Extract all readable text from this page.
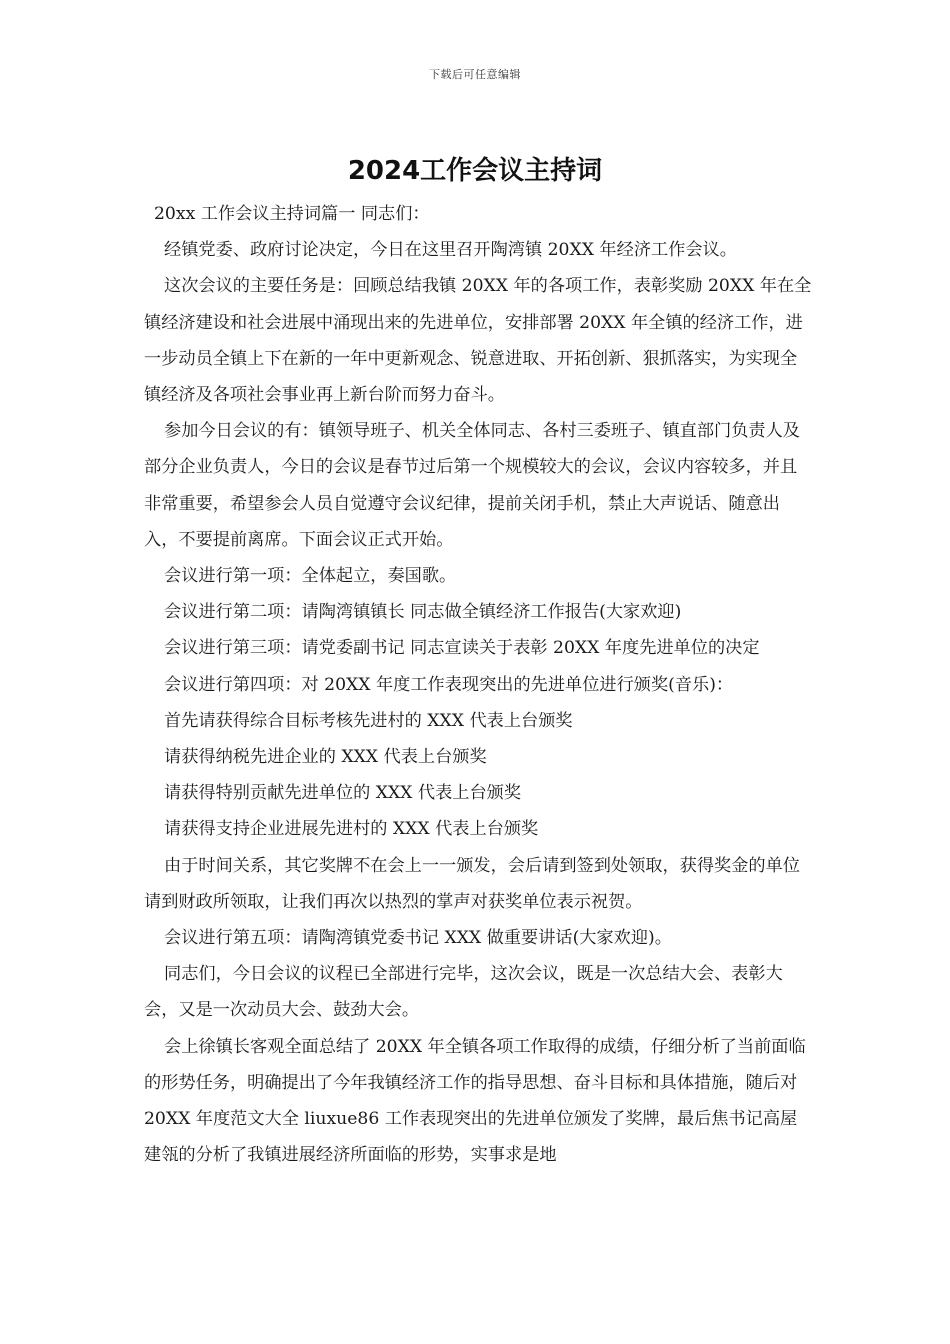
下载后可任意编辑
2024工作会议主持词

20xx 工作会议主持词篇一 同志们：

经镇党委、政府讨论决定，今日在这里召开陶湾镇 20XX 年经济工作会议。

这次会议的主要任务是：回顾总结我镇 20XX 年的各项工作，表彰奖励 20XX 年在全镇经济建设和社会进展中涌现出来的先进单位，安排部署 20XX 年全镇的经济工作，进一步动员全镇上下在新的一年中更新观念、锐意进取、开拓创新、狠抓落实，为实现全镇经济及各项社会事业再上新台阶而努力奋斗。

参加今日会议的有：镇领导班子、机关全体同志、各村三委班子、镇直部门负责人及部分企业负责人，今日的会议是春节过后第一个规模较大的会议，会议内容较多，并且非常重要，希望参会人员自觉遵守会议纪律，提前关闭手机，禁止大声说话、随意出入，不要提前离席。下面会议正式开始。

会议进行第一项：全体起立，奏国歌。

会议进行第二项：请陶湾镇镇长 同志做全镇经济工作报告(大家欢迎)

会议进行第三项：请党委副书记 同志宣读关于表彰 20XX 年度先进单位的决定

会议进行第四项：对 20XX 年度工作表现突出的先进单位进行颁奖(音乐)：

首先请获得综合目标考核先进村的 XXX 代表上台颁奖

请获得纳税先进企业的 XXX 代表上台颁奖

请获得特别贡献先进单位的 XXX 代表上台颁奖

请获得支持企业进展先进村的 XXX 代表上台颁奖

由于时间关系，其它奖牌不在会上一一颁发，会后请到签到处领取，获得奖金的单位请到财政所领取，让我们再次以热烈的掌声对获奖单位表示祝贺。

会议进行第五项：请陶湾镇党委书记 XXX 做重要讲话(大家欢迎)。

同志们，今日会议的议程已全部进行完毕，这次会议，既是一次总结大会、表彰大会，又是一次动员大会、鼓劲大会。

会上徐镇长客观全面总结了 20XX 年全镇各项工作取得的成绩，仔细分析了当前面临的形势任务，明确提出了今年我镇经济工作的指导思想、奋斗目标和具体措施，随后对 20XX 年度范文大全 liuxue86 工作表现突出的先进单位颁发了奖牌，最后焦书记高屋建瓴的分析了我镇进展经济所面临的形势，实事求是地
